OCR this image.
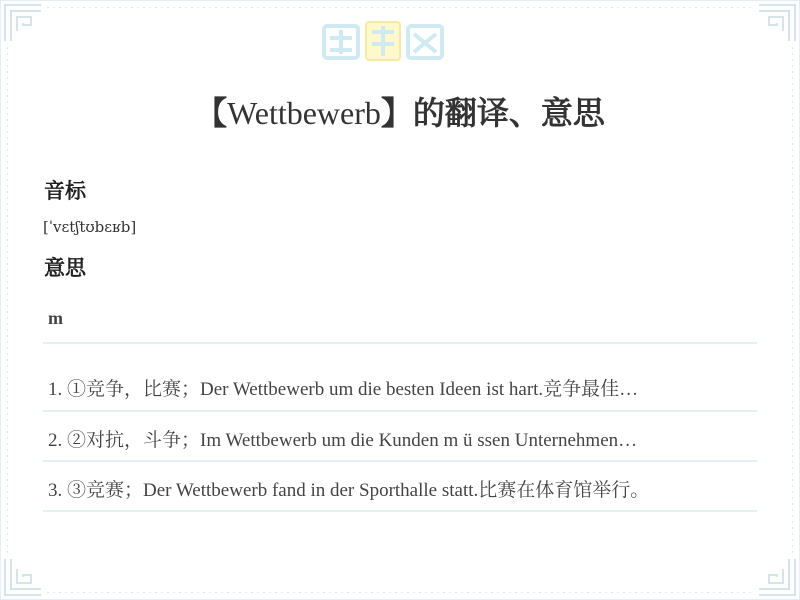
【Wettbewerb】的翻译、意思
音标
[ˈvɛtʃtʊbɛʁb]
意思
m
1. ①竞争，比赛；Der Wettbewerb um die besten Ideen ist hart.竞争最佳…
2. ②对抗，斗争；Im Wettbewerb um die Kunden m ü ssen Unternehmen…
3. ③竞赛；Der Wettbewerb fand in der Sporthalle statt.比赛在体育馆举行。
